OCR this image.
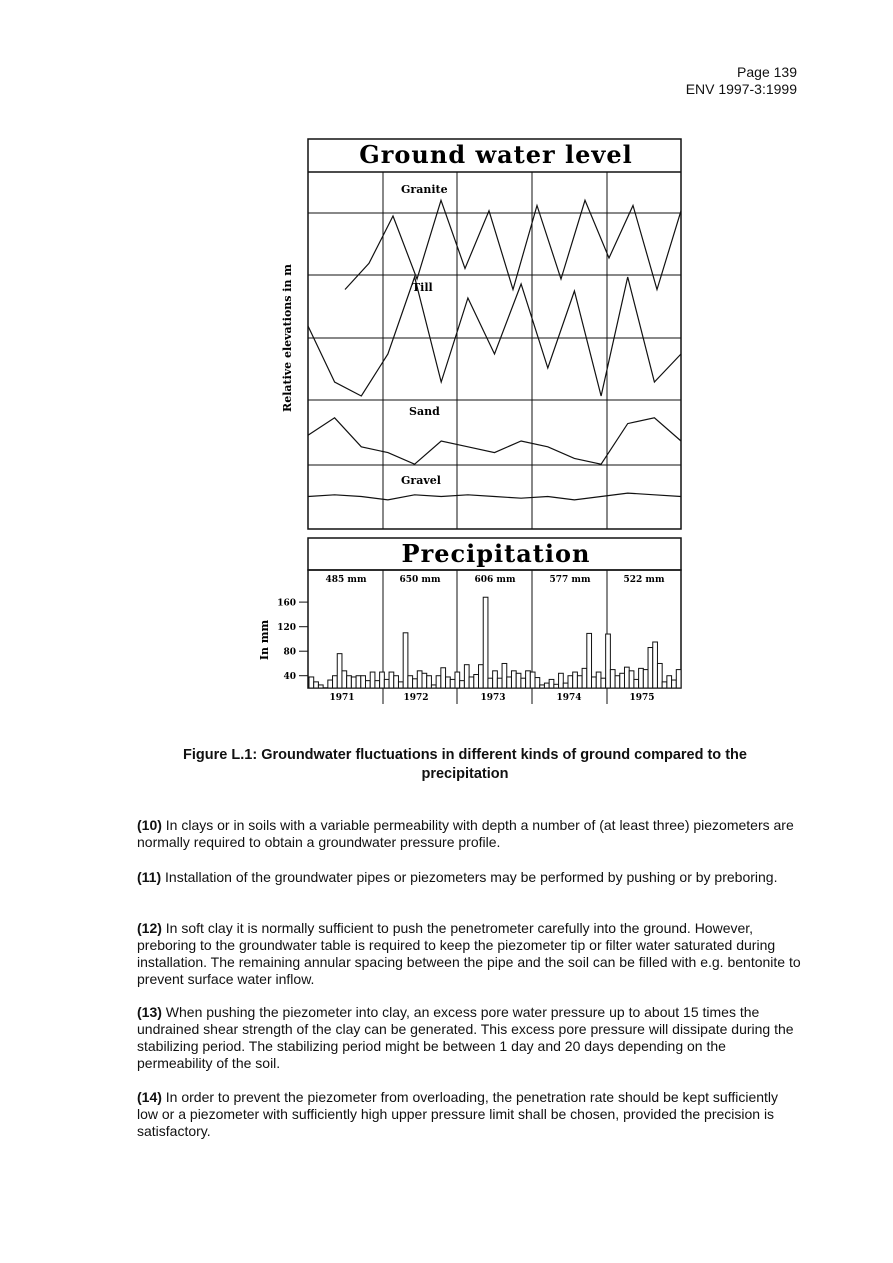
Page 139
ENV 1997-3:1999
Ground water level
Granite
Till
Sand
Gravel
Relative elevations in m
Precipitation
485 mm	650 mm	606 mm	577 mm	522 mm
160
120
80
40
In mm
1971	1972	1973	1974	1975
Figure L.1: Groundwater fluctuations in different kinds of ground compared to the precipitation

(10) In clays or in soils with a variable permeability with depth a number of (at least three) piezometers are normally required to obtain a groundwater pressure profile.

(11) Installation of the groundwater pipes or piezometers may be performed by pushing or by preboring.

(12) In soft clay it is normally sufficient to push the penetrometer carefully into the ground. However, preboring to the groundwater table is required to keep the piezometer tip or filter water saturated during installation. The remaining annular spacing between the pipe and the soil can be filled with e.g. bentonite to prevent surface water inflow.

(13) When pushing the piezometer into clay, an excess pore water pressure up to about 15 times the undrained shear strength of the clay can be generated. This excess pore pressure will dissipate during the stabilizing period. The stabilizing period might be between 1 day and 20 days depending on the permeability of the soil.

(14) In order to prevent the piezometer from overloading, the penetration rate should be kept sufficiently low or a piezometer with sufficiently high upper pressure limit shall be chosen, provided the precision is satisfactory.
